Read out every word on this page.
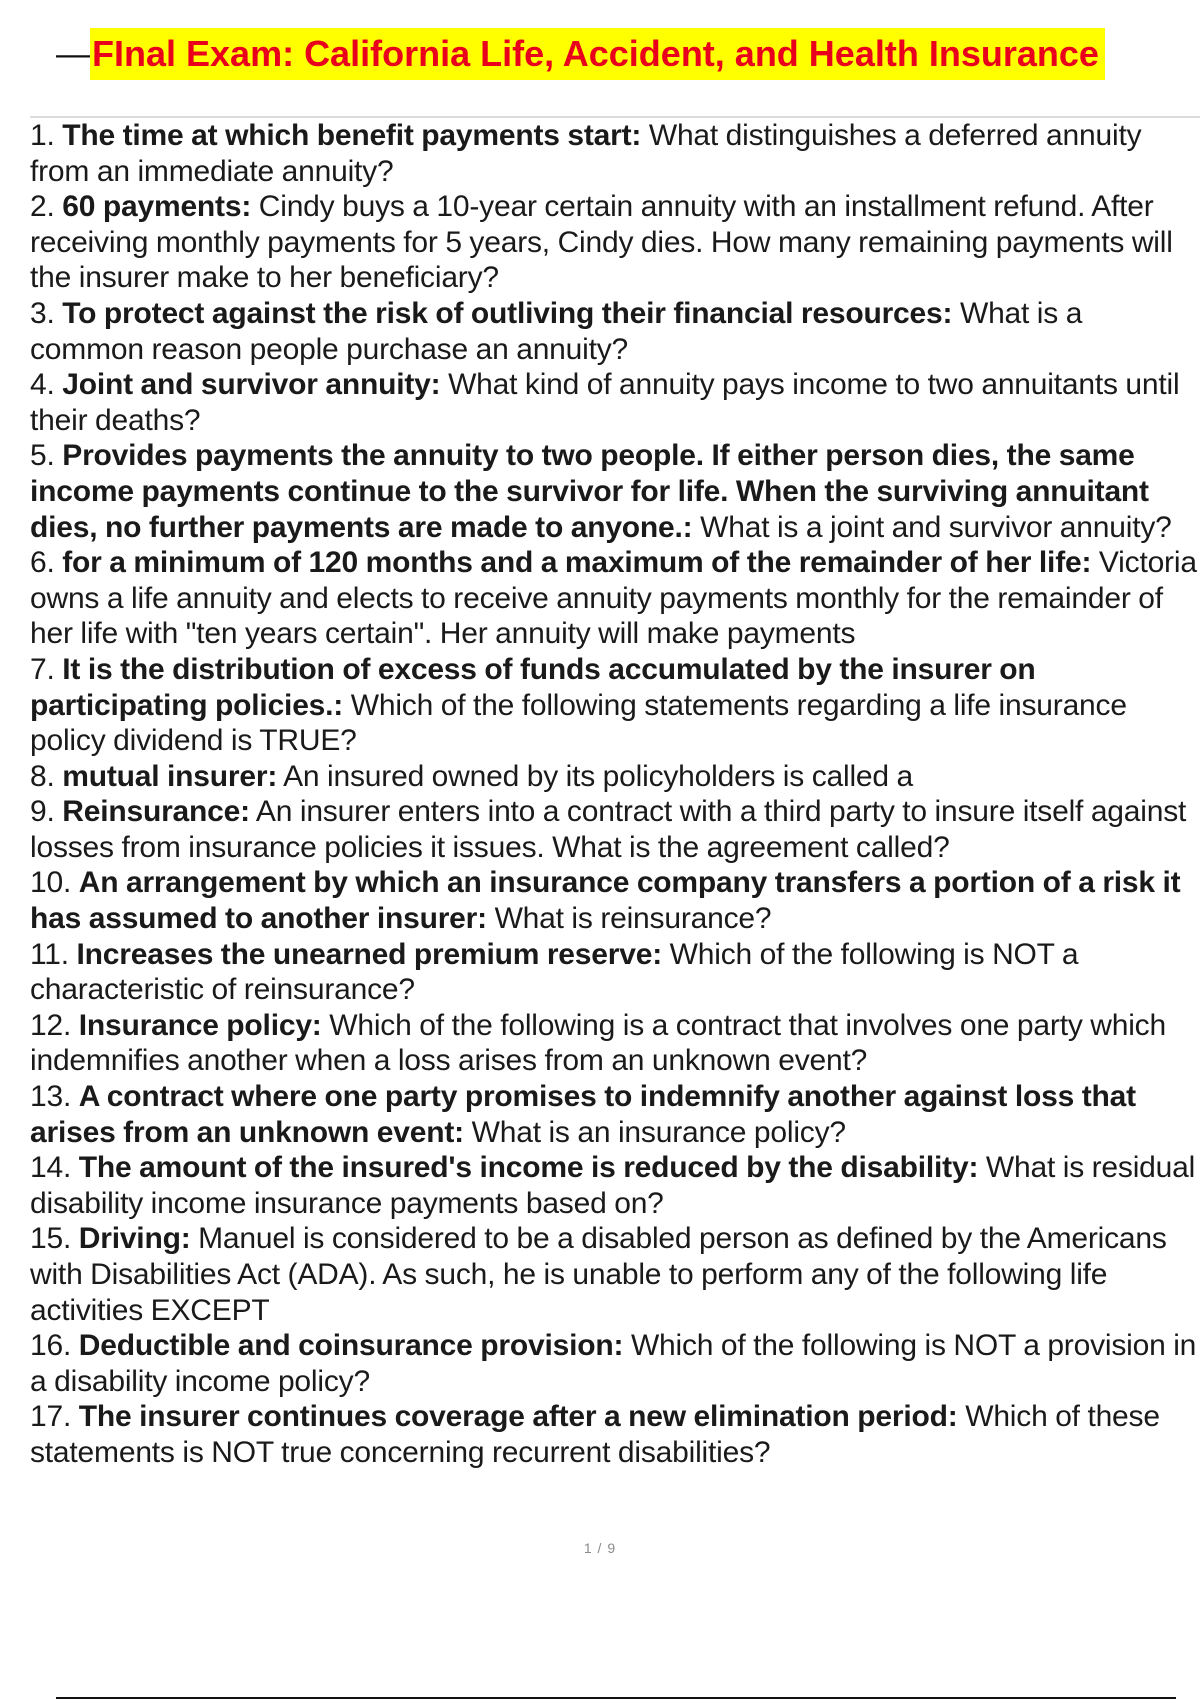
— FInal Exam: California Life, Accident, and Health Insurance
1. The time at which benefit payments start: What distinguishes a deferred annuity from an immediate annuity?
2. 60 payments: Cindy buys a 10-year certain annuity with an installment refund. After receiving monthly payments for 5 years, Cindy dies. How many remaining payments will the insurer make to her beneficiary?
3. To protect against the risk of outliving their financial resources: What is a common reason people purchase an annuity?
4. Joint and survivor annuity: What kind of annuity pays income to two annuitants until their deaths?
5. Provides payments the annuity to two people. If either person dies, the same income payments continue to the survivor for life. When the surviving annuitant dies, no further payments are made to anyone.: What is a joint and survivor annuity?
6. for a minimum of 120 months and a maximum of the remainder of her life: Victoria owns a life annuity and elects to receive annuity payments monthly for the remainder of her life with "ten years certain". Her annuity will make payments
7. It is the distribution of excess of funds accumulated by the insurer on participating policies.: Which of the following statements regarding a life insurance policy dividend is TRUE?
8. mutual insurer: An insured owned by its policyholders is called a
9. Reinsurance: An insurer enters into a contract with a third party to insure itself against losses from insurance policies it issues. What is the agreement called?
10. An arrangement by which an insurance company transfers a portion of a risk it has assumed to another insurer: What is reinsurance?
11. Increases the unearned premium reserve: Which of the following is NOT a characteristic of reinsurance?
12. Insurance policy: Which of the following is a contract that involves one party which indemnifies another when a loss arises from an unknown event?
13. A contract where one party promises to indemnify another against loss that arises from an unknown event: What is an insurance policy?
14. The amount of the insured's income is reduced by the disability: What is residual disability income insurance payments based on?
15. Driving: Manuel is considered to be a disabled person as defined by the Americans with Disabilities Act (ADA). As such, he is unable to perform any of the following life activities EXCEPT
16. Deductible and coinsurance provision: Which of the following is NOT a provision in a disability income policy?
17. The insurer continues coverage after a new elimination period: Which of these statements is NOT true concerning recurrent disabilities?
1 / 9
